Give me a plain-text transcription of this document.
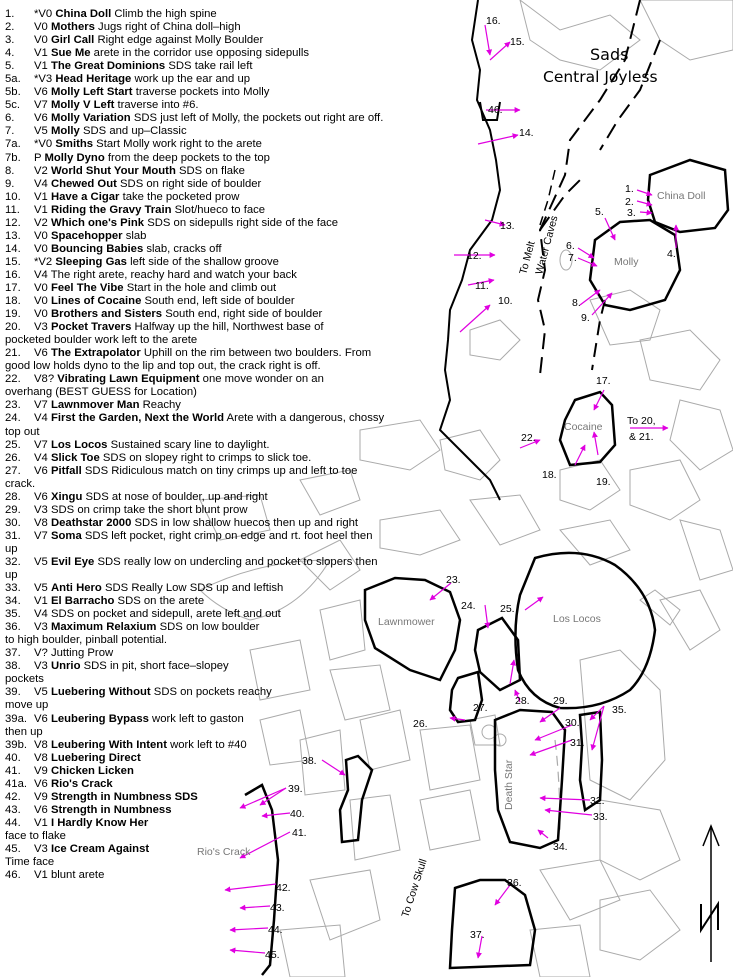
Sads
Central Joyless
China Doll
Molly
Cocaine
Lawnmower	Los Locos
Death Star
Rio's Crack
To Melt
Water Caves
To 20,
& 21.
To Cow Skull
1.
2.
3.
4.
5.
6.
7.
8.
9.
10.
11.
12.
13.
14.
15.
16.
17.
18.
19.
22.
23.
24. 25.
26.
27.
28. 29.
30.
31.
32.
33.
34.
35.
36.
37.
38.
39.
40.
41.
42.
43.
44.
45.
46.
1. *V0 China Doll Climb the high spine
2. V0 Mothers Jugs right of China doll–high
3. V0 Girl Call Right edge against Molly Boulder
4. V1 Sue Me arete in the corridor use opposing sidepulls
5. V1 The Great Dominions SDS take rail left
5a. *V3 Head Heritage work up the ear and up
5b. V6 Molly Left Start traverse pockets into Molly
5c. V7 Molly V Left traverse into #6.
6. V6 Molly Variation SDS just left of Molly, the pockets out right are off.
7. V5 Molly SDS and up–Classic
7a. *V0 Smiths Start Molly work right to the arete
7b. P Molly Dyno from the deep pockets to the top
8. V2 World Shut Your Mouth SDS on flake
9. V4 Chewed Out SDS on right side of boulder
10. V1 Have a Cigar take the pocketed prow
11. V1 Riding the Gravy Train Slot/hueco to face
12. V2 Which one's Pink SDS on sidepulls right side of the face
13. V0 Spacehopper slab
14. V0 Bouncing Babies slab, cracks off
15. *V2 Sleeping Gas left side of the shallow groove
16. V4 The right arete, reachy hard and watch your back
17. V0 Feel The Vibe Start in the hole and climb out
18. V0 Lines of Cocaine South end, left side of boulder
19. V0 Brothers and Sisters South end, right side of boulder
20. V3 Pocket Travers Halfway up the hill, Northwest base of
pocketed boulder work left to the arete
21. V6 The Extrapolator Uphill on the rim between two boulders. From
good low holds dyno to the lip and top out, the crack right is off.
22. V8? Vibrating Lawn Equipment one move wonder on an
overhang (BEST GUESS for Location)
23. V7 Lawnmover Man Reachy
24. V4 First the Garden, Next the World Arete with a dangerous, chossy
top out
25. V7 Los Locos Sustained scary line to daylight.
26. V4 Slick Toe SDS on slopey right to crimps to slick toe.
27. V6 Pitfall SDS Ridiculous match on tiny crimps up and left to toe
crack.
28. V6 Xingu SDS at nose of boulder, up and right
29. V3 SDS on crimp take the short blunt prow
30. V8 Deathstar 2000 SDS in low shallow huecos then up and right
31. V7 Soma SDS left pocket, right crimp on edge and rt. foot heel then
up
32. V5 Evil Eye SDS really low on undercling and pocket to slopers then
up
33. V5 Anti Hero SDS Really Low SDS up and leftish
34. V1 El Barracho SDS on the arete
35. V4 SDS on pocket and sidepull, arete left and out
36. V3 Maximum Relaxium SDS on low boulder
to high boulder, pinball potential.
37. V? Jutting Prow
38. V3 Unrio SDS in pit, short face–slopey
pockets
39. V5 Luebering Without SDS on pockets reachy
move up
39a. V6 Leubering Bypass work left to gaston
then up
39b. V8 Leubering With Intent work left to #40
40. V8 Luebering Direct
41. V9 Chicken Licken
41a. V6 Rio's Crack
42. V9 Strength in Numbness SDS
43. V6 Strength in Numbness
44. V1 I Hardly Know Her
face to flake
45. V3 Ice Cream Against
Time face
46. V1 blunt arete
